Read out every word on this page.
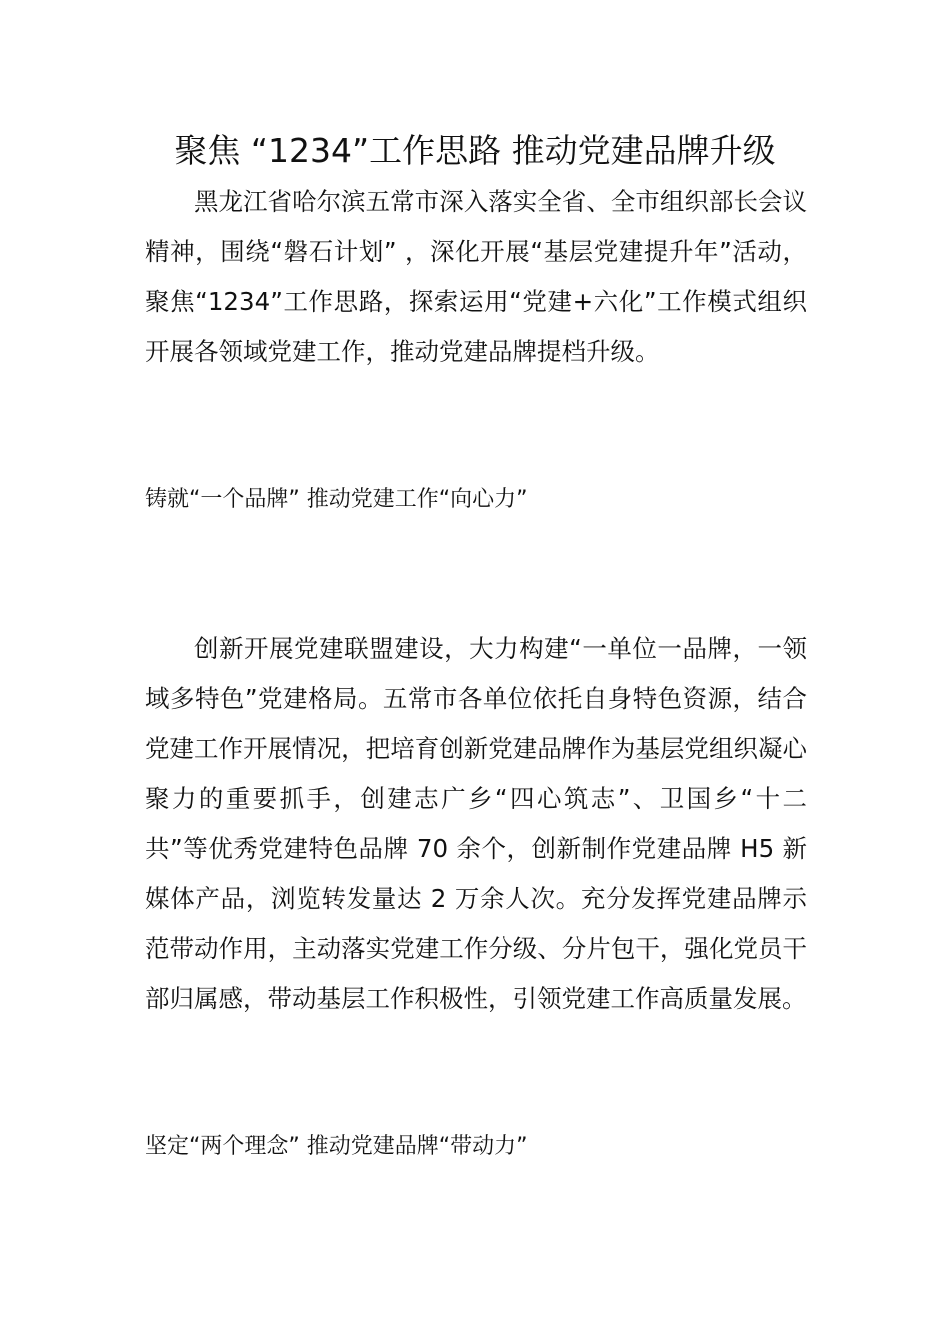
聚焦 “1234”工作思路 推动党建品牌升级

黑龙江省哈尔滨五常市深入落实全省、全市组织部长会议精神，围绕“磐石计划” ，深化开展“基层党建提升年”活动，聚焦“1234”工作思路，探索运用“党建+六化”工作模式组织开展各领域党建工作，推动党建品牌提档升级。

铸就“一个品牌” 推动党建工作“向心力”

创新开展党建联盟建设，大力构建“一单位一品牌，一领域多特色”党建格局。五常市各单位依托自身特色资源，结合党建工作开展情况，把培育创新党建品牌作为基层党组织凝心聚力的重要抓手，创建志广乡“四心筑志”、卫国乡“十二共”等优秀党建特色品牌 70 余个，创新制作党建品牌 H5 新媒体产品，浏览转发量达 2 万余人次。充分发挥党建品牌示范带动作用，主动落实党建工作分级、分片包干，强化党员干部归属感，带动基层工作积极性，引领党建工作高质量发展。

坚定“两个理念” 推动党建品牌“带动力”
